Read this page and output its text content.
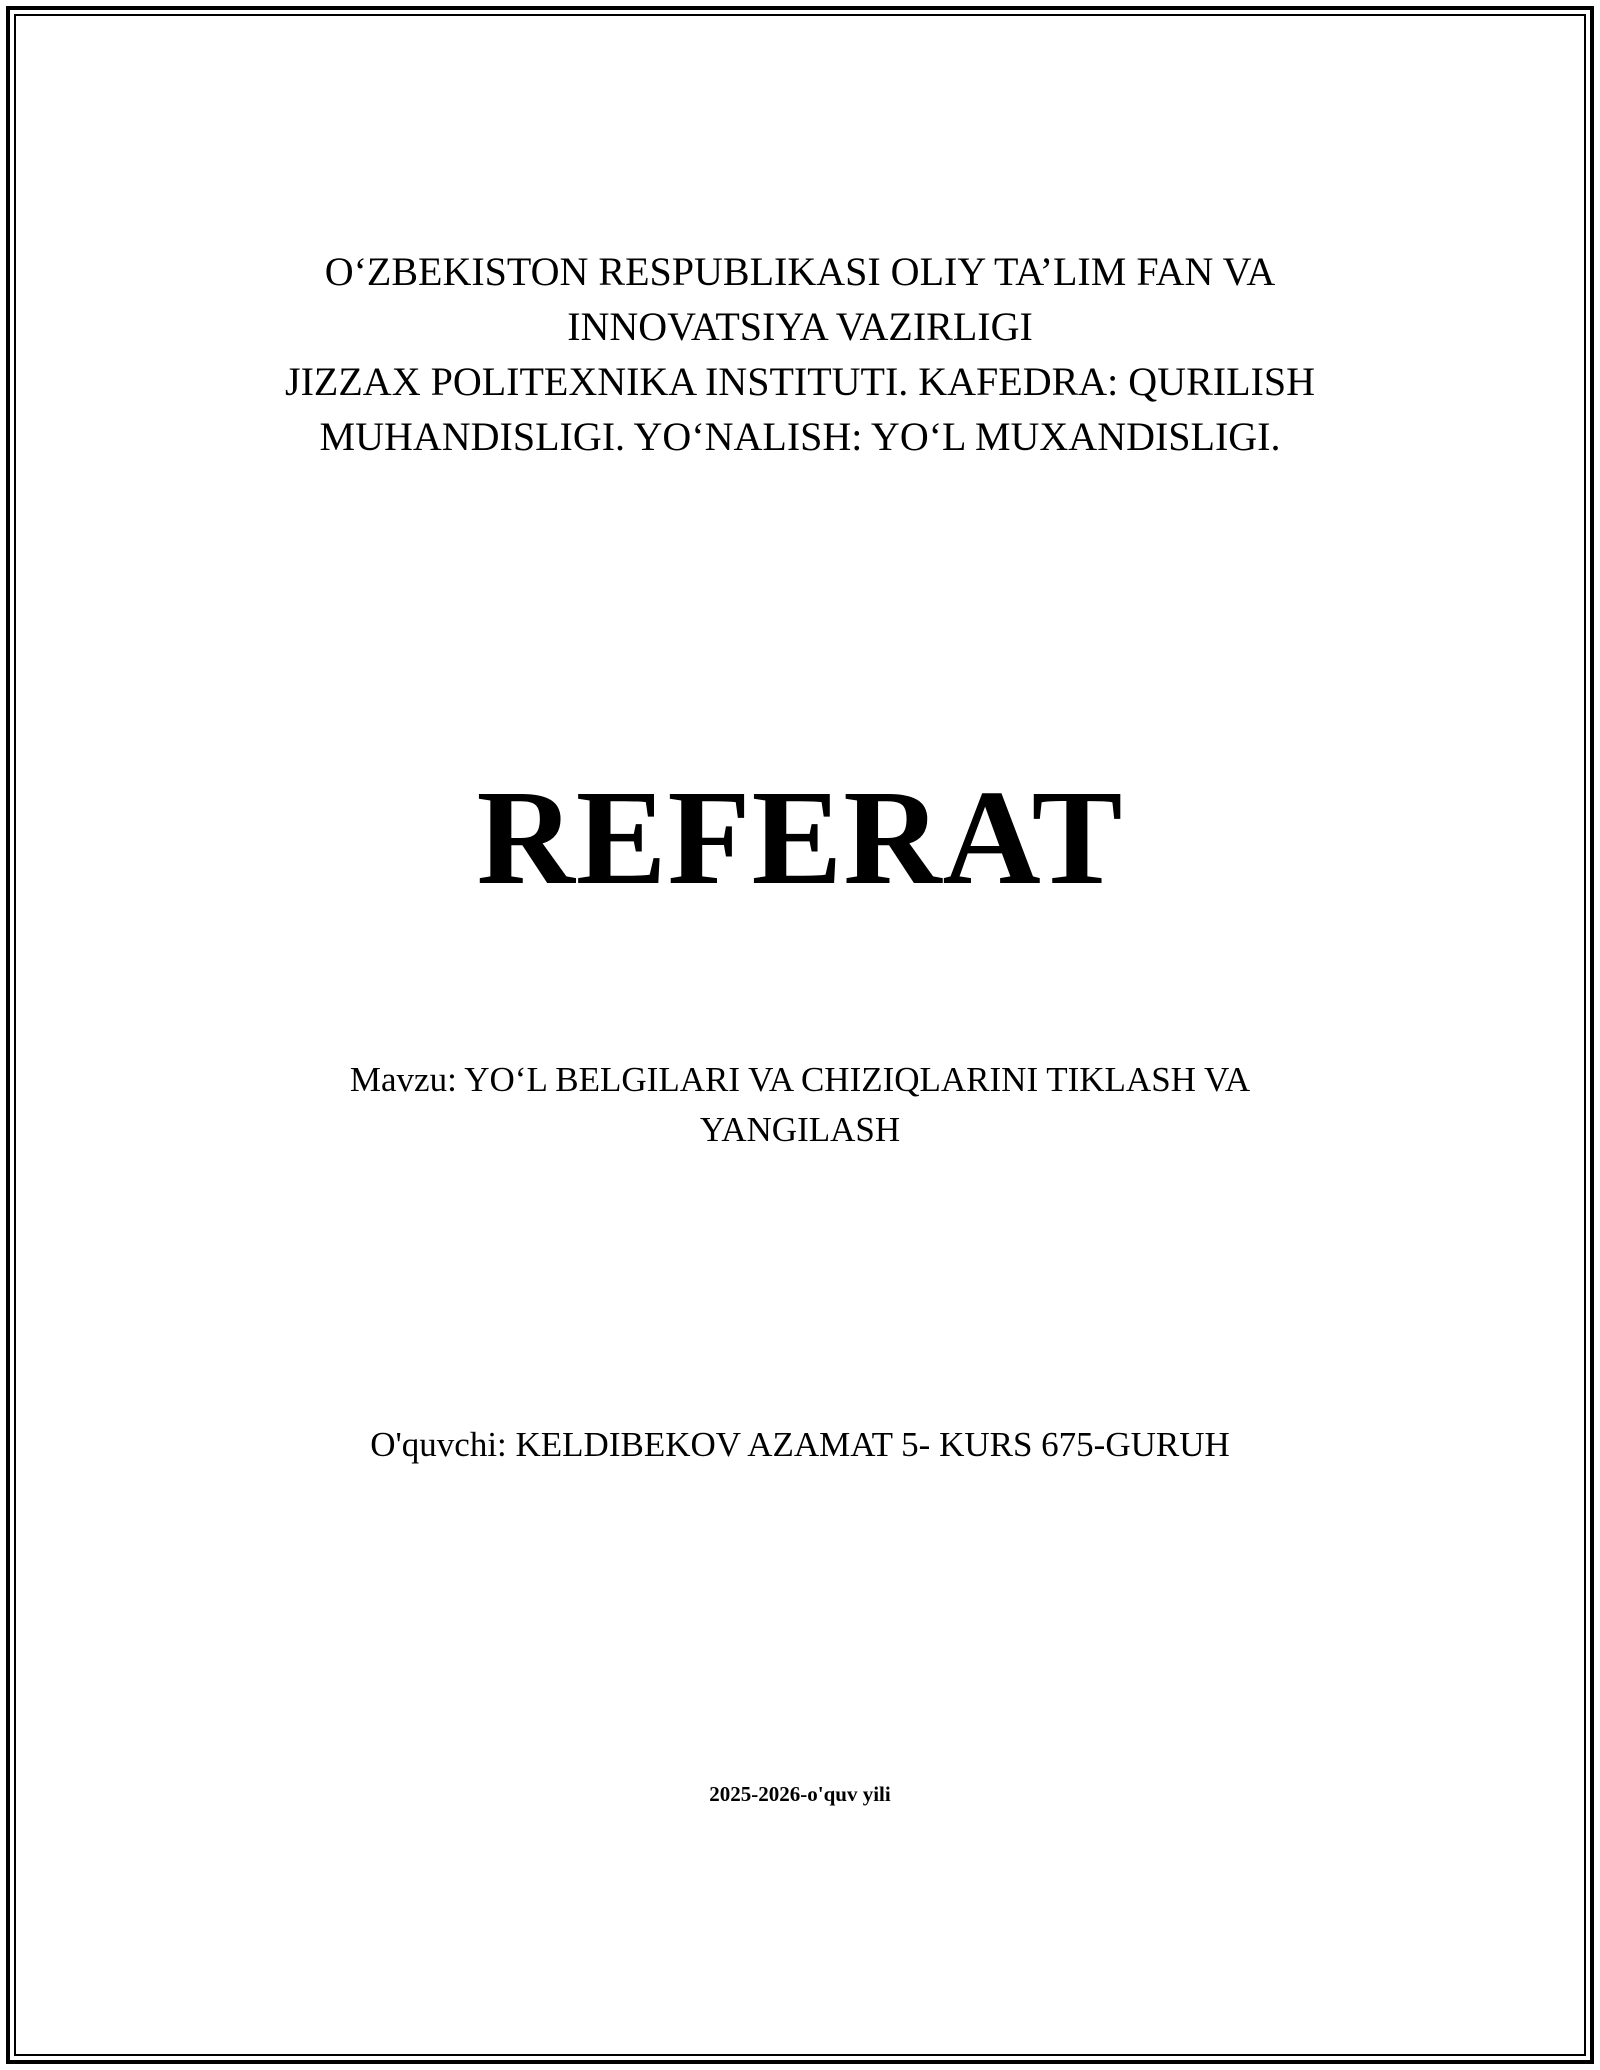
O‘ZBEKISTON RESPUBLIKASI OLIY TA’LIM FAN VA
INNOVATSIYA VAZIRLIGI
JIZZAX POLITEXNIKA INSTITUTI. KAFEDRA: QURILISH
MUHANDISLIGI. YO‘NALISH: YO‘L MUXANDISLIGI.
REFERAT
Mavzu: YO‘L BELGILARI VA CHIZIQLARINI TIKLASH VA
YANGILASH
O'quvchi: KELDIBEKOV AZAMAT 5- KURS 675-GURUH
2025-2026-o'quv yili
